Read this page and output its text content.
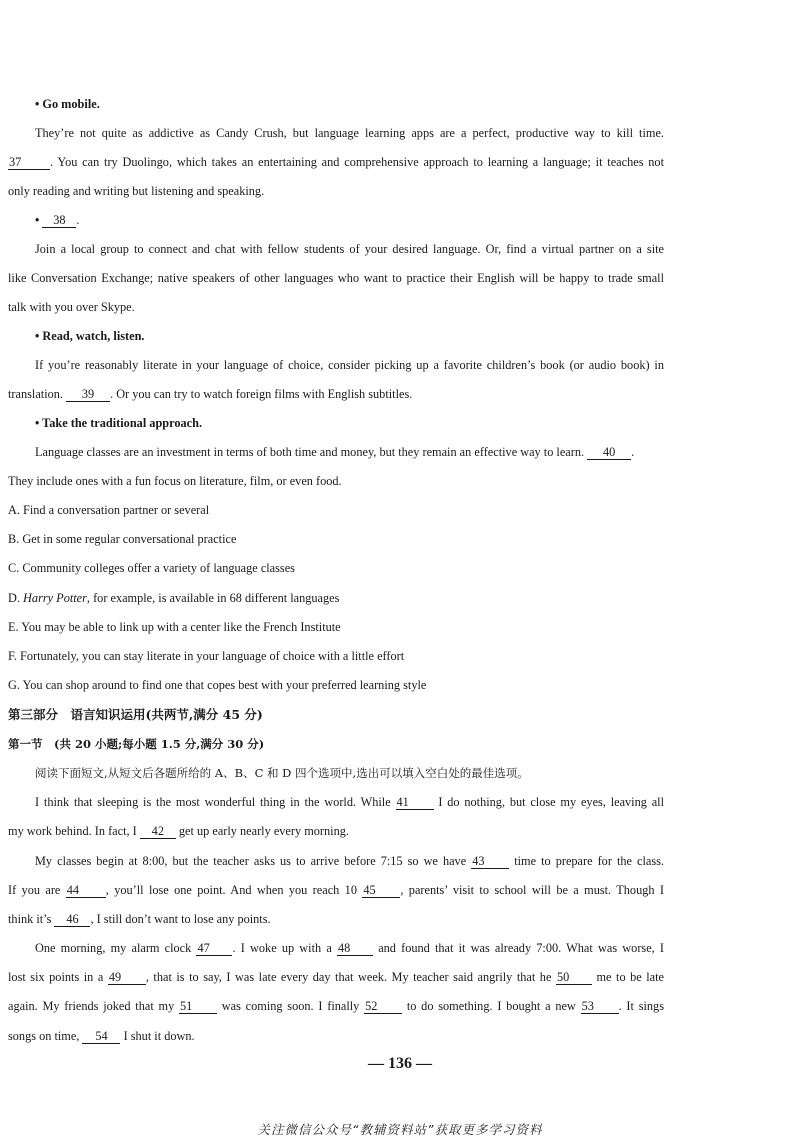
• Go mobile.
They’re not quite as addictive as Candy Crush, but language learning apps are a perfect, productive way to kill time.
37 . You can try Duolingo, which takes an entertaining and comprehensive approach to learning a language; it teaches not
only reading and writing but listening and speaking.
• 38 .
Join a local group to connect and chat with fellow students of your desired language. Or, find a virtual partner on a site
like Conversation Exchange; native speakers of other languages who want to practice their English will be happy to trade small
talk with you over Skype.
• Read, watch, listen.
If you’re reasonably literate in your language of choice, consider picking up a favorite children’s book (or audio book) in
translation. 39 . Or you can try to watch foreign films with English subtitles.
• Take the traditional approach.
Language classes are an investment in terms of both time and money, but they remain an effective way to learn. 40 .
They include ones with a fun focus on literature, film, or even food.
A. Find a conversation partner or several
B. Get in some regular conversational practice
C. Community colleges offer a variety of language classes
D. Harry Potter, for example, is available in 68 different languages
E. You may be able to link up with a center like the French Institute
F. Fortunately, you can stay literate in your language of choice with a little effort
G. You can shop around to find one that copes best with your preferred learning style
第三部分　语言知识运用(共两节,满分 45 分)
第一节　(共 20 小题;每小题 1.5 分,满分 30 分)
阅读下面短文,从短文后各题所给的 A、B、C 和 D 四个选项中,选出可以填入空白处的最佳选项。
I think that sleeping is the most wonderful thing in the world. While 41 I do nothing, but close my eyes, leaving all
my work behind. In fact, I 42 get up early nearly every morning.
My classes begin at 8:00, but the teacher asks us to arrive before 7:15 so we have 43 time to prepare for the class.
If you are 44 , you’ll lose one point. And when you reach 10 45 , parents’ visit to school will be a must. Though I
think it’s 46 , I still don’t want to lose any points.
One morning, my alarm clock 47 . I woke up with a 48 and found that it was already 7:00. What was worse, I
lost six points in a 49 , that is to say, I was late every day that week. My teacher said angrily that he 50 me to be late
again. My friends joked that my 51 was coming soon. I finally 52 to do something. I bought a new 53 . It sings
songs on time, 54 I shut it down.
— 136 —
关注微信公众号“教辅资料站”获取更多学习资料
